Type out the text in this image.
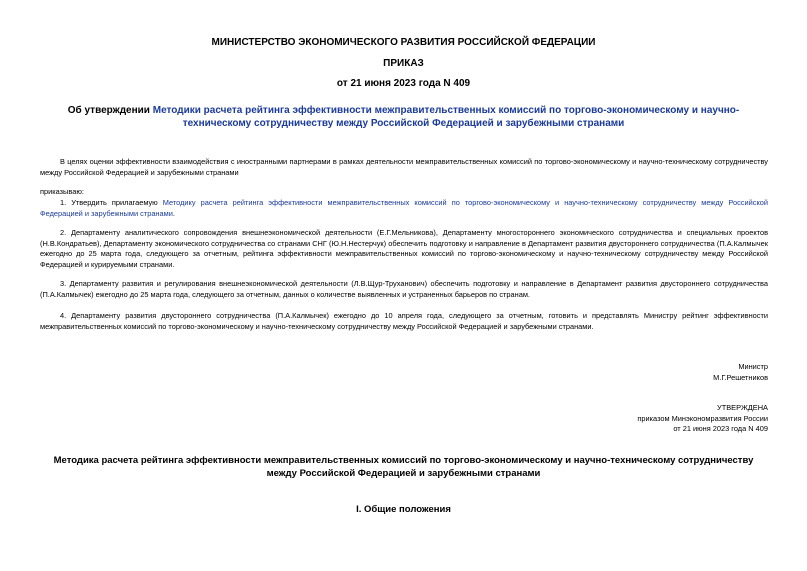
МИНИСТЕРСТВО ЭКОНОМИЧЕСКОГО РАЗВИТИЯ РОССИЙСКОЙ ФЕДЕРАЦИИ
ПРИКАЗ
от 21 июня 2023 года N 409
Об утверждении Методики расчета рейтинга эффективности межправительственных комиссий по торгово-экономическому и научно-техническому сотрудничеству между Российской Федерацией и зарубежными странами
В целях оценки эффективности взаимодействия с иностранными партнерами в рамках деятельности межправительственных комиссий по торгово-экономическому и научно-техническому сотрудничеству между Российской Федерацией и зарубежными странами
приказываю:
1. Утвердить прилагаемую Методику расчета рейтинга эффективности межправительственных комиссий по торгово-экономическому и научно-техническому сотрудничеству между Российской Федерацией и зарубежными странами.
2. Департаменту аналитического сопровождения внешнеэкономической деятельности (Е.Г.Мельникова), Департаменту многостороннего экономического сотрудничества и специальных проектов (Н.В.Кондратьев), Департаменту экономического сотрудничества со странами СНГ (Ю.Н.Нестерчук) обеспечить подготовку и направление в Департамент развития двустороннего сотрудничества (П.А.Калмычек ежегодно до 25 марта года, следующего за отчетным, рейтинга эффективности межправительственных комиссий по торгово-экономическому и научно-техническому сотрудничеству между Российской Федерацией и курируемыми странами.
3. Департаменту развития и регулирования внешнеэкономической деятельности (Л.В.Щур-Труханович) обеспечить подготовку и направление в Департамент развития двустороннего сотрудничества (П.А.Калмычек) ежегодно до 25 марта года, следующего за отчетным, данных о количестве выявленных и устраненных барьеров по странам.
4. Департаменту развития двустороннего сотрудничества (П.А.Калмычек) ежегодно до 10 апреля года, следующего за отчетным, готовить и представлять Министру рейтинг эффективности межправительственных комиссий по торгово-экономическому и научно-техническому сотрудничеству между Российской Федерацией и зарубежными странами.
Министр
М.Г.Решетников
УТВЕРЖДЕНА
приказом Минэкономразвития России
от 21 июня 2023 года N 409
Методика расчета рейтинга эффективности межправительственных комиссий по торгово-экономическому и научно-техническому сотрудничеству между Российской Федерацией и зарубежными странами
I. Общие положения
